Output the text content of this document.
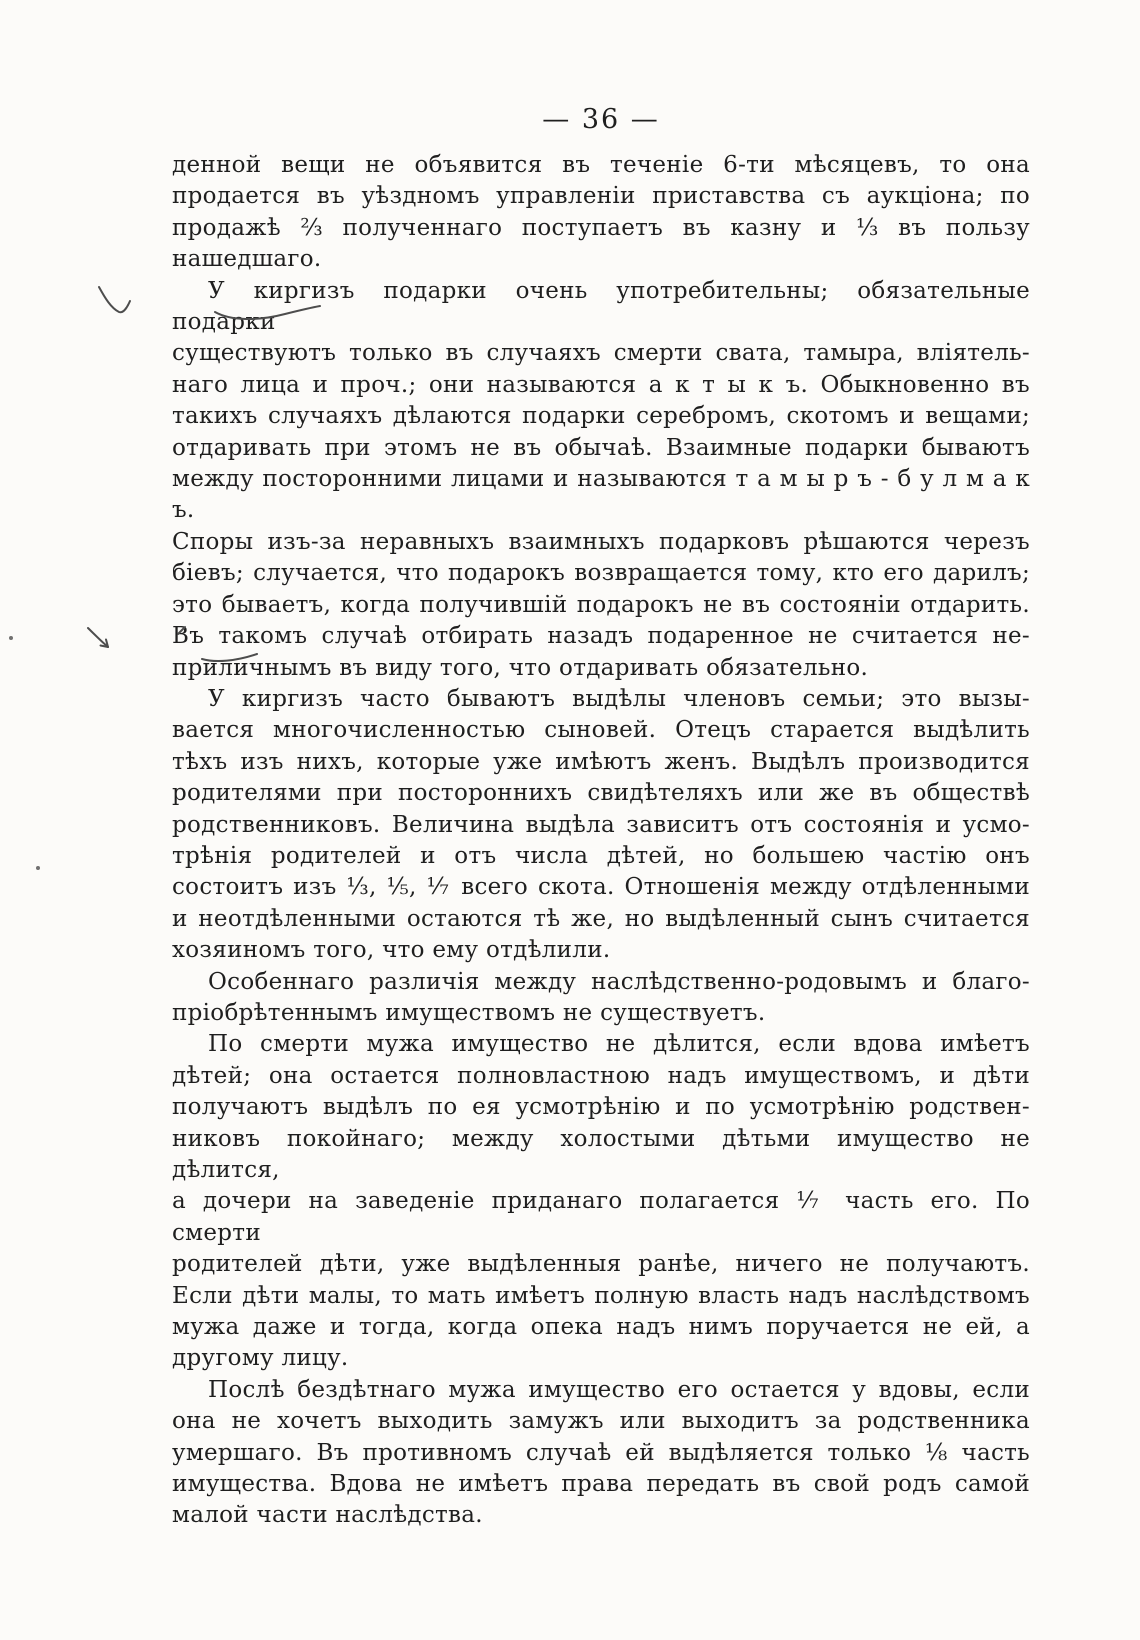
— 36 —
денной вещи не объявится въ теченіе 6-ти мѣсяцевъ, то она
продается въ уѣздномъ управленіи приставства съ аукціона; по
продажѣ ⅔ полученнаго поступаетъ въ казну и ⅓ въ пользу
нашедшаго.
У киргизъ подарки очень употребительны; обязательные подарки
существуютъ только въ случаяхъ смерти свата, тамыра, вліятель-
наго лица и проч.; они называются а к т ы к ъ. Обыкновенно въ
такихъ случаяхъ дѣлаются подарки серебромъ, скотомъ и вещами;
отдаривать при этомъ не въ обычаѣ. Взаимные подарки бываютъ
между посторонними лицами и называются т а м ы р ъ - б у л м а к ъ.
Споры изъ-за неравныхъ взаимныхъ подарковъ рѣшаются черезъ
біевъ; случается, что подарокъ возвращается тому, кто его дарилъ;
это бываетъ, когда получившій подарокъ не въ состояніи отдарить.
Въ такомъ случаѣ отбирать назадъ подаренное не считается не-
приличнымъ въ виду того, что отдаривать обязательно.
У киргизъ часто бываютъ выдѣлы членовъ семьи; это вызы-
вается многочисленностью сыновей. Отецъ старается выдѣлить
тѣхъ изъ нихъ, которые уже имѣютъ женъ. Выдѣлъ производится
родителями при постороннихъ свидѣтеляхъ или же въ обществѣ
родственниковъ. Величина выдѣла зависитъ отъ состоянія и усмо-
трѣнія родителей и отъ числа дѣтей, но большею частію онъ
состоитъ изъ ⅓, ⅕, ⅐ всего скота. Отношенія между отдѣленными
и неотдѣленными остаются тѣ же, но выдѣленный сынъ считается
хозяиномъ того, что ему отдѣлили.
Особеннаго различія между наслѣдственно-родовымъ и благо-
пріобрѣтеннымъ имуществомъ не существуетъ.
По смерти мужа имущество не дѣлится, если вдова имѣетъ
дѣтей; она остается полновластною надъ имуществомъ, и дѣти
получаютъ выдѣлъ по ея усмотрѣнію и по усмотрѣнію родствен-
никовъ покойнаго; между холостыми дѣтьми имущество не дѣлится,
а дочери на заведеніе приданаго полагается ⅐ часть его. По смерти
родителей дѣти, уже выдѣленныя ранѣе, ничего не получаютъ.
Если дѣти малы, то мать имѣетъ полную власть надъ наслѣдствомъ
мужа даже и тогда, когда опека надъ нимъ поручается не ей, а
другому лицу.
Послѣ бездѣтнаго мужа имущество его остается у вдовы, если
она не хочетъ выходить замужъ или выходитъ за родственника
умершаго. Въ противномъ случаѣ ей выдѣляется только ⅛ часть
имущества. Вдова не имѣетъ права передать въ свой родъ самой
малой части наслѣдства.
